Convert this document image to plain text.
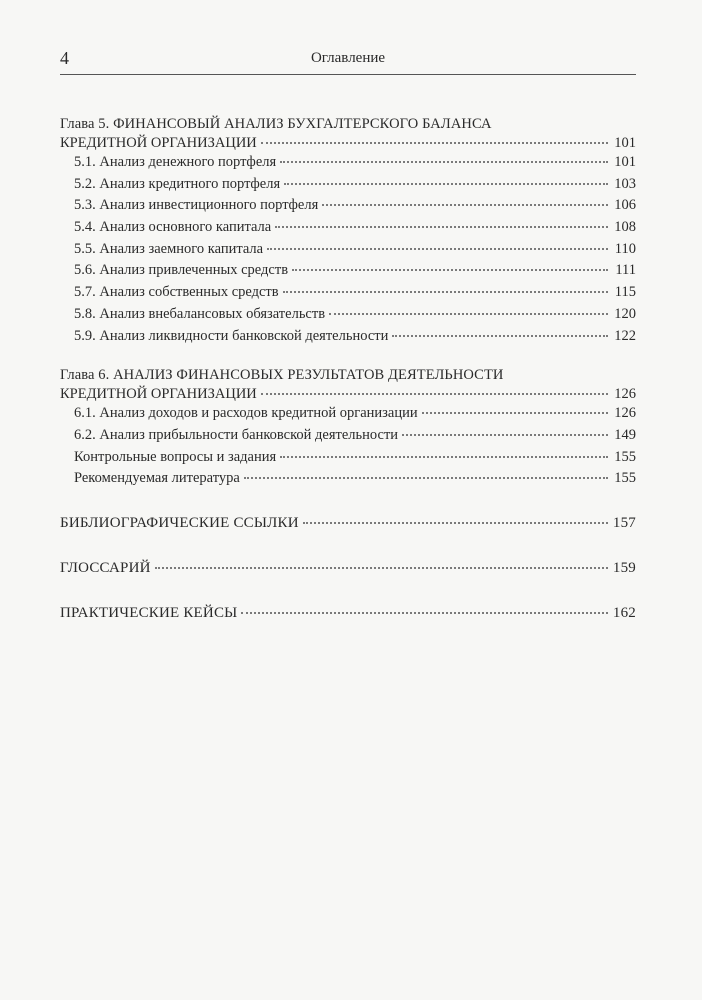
4	Оглавление
Глава 5. ФИНАНСОВЫЙ АНАЛИЗ БУХГАЛТЕРСКОГО БАЛАНСА
КРЕДИТНОЙ ОРГАНИЗАЦИИ	101
5.1. Анализ денежного портфеля	101
5.2. Анализ кредитного портфеля	103
5.3. Анализ инвестиционного портфеля	106
5.4. Анализ основного капитала	108
5.5. Анализ заемного капитала	110
5.6. Анализ привлеченных средств	111
5.7. Анализ собственных средств	115
5.8. Анализ внебалансовых обязательств	120
5.9. Анализ ликвидности банковской деятельности	122
Глава 6. АНАЛИЗ ФИНАНСОВЫХ РЕЗУЛЬТАТОВ ДЕЯТЕЛЬНОСТИ
КРЕДИТНОЙ ОРГАНИЗАЦИИ	126
6.1. Анализ доходов и расходов кредитной организации	126
6.2. Анализ прибыльности банковской деятельности	149
Контрольные вопросы и задания	155
Рекомендуемая литература	155
БИБЛИОГРАФИЧЕСКИЕ ССЫЛКИ	157
ГЛОССАРИЙ	159
ПРАКТИЧЕСКИЕ КЕЙСЫ	162
